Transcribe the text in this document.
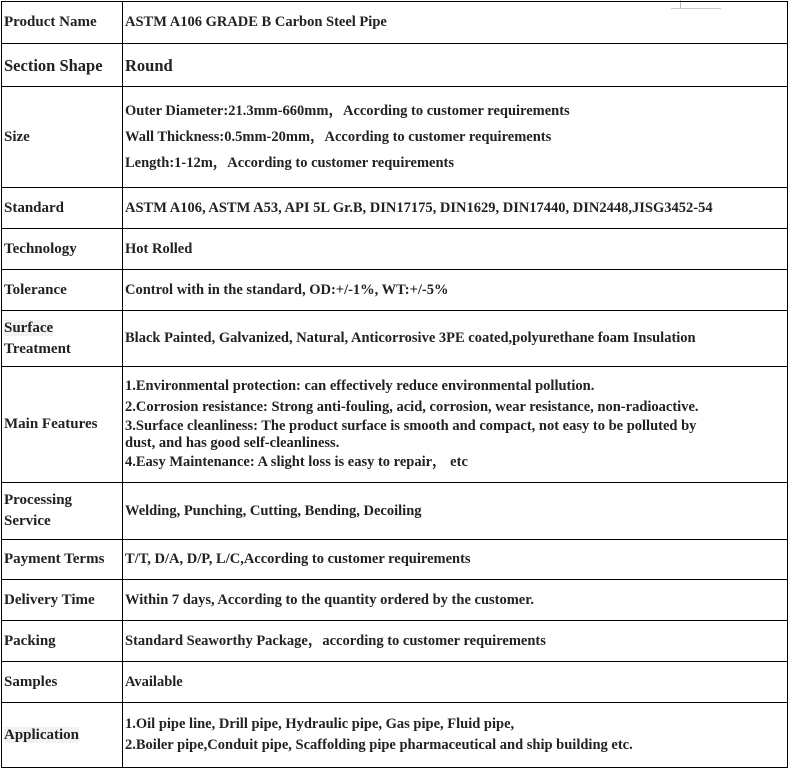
Product Name	ASTM A106 GRADE B Carbon Steel Pipe
Section Shape	Round
Size	Outer Diameter:21.3mm-660mm，According to customer requirements
Wall Thickness:0.5mm-20mm，According to customer requirements
Length:1-12m，According to customer requirements

Standard	ASTM A106, ASTM A53, API 5L Gr.B, DIN17175, DIN1629, DIN17440, DIN2448,JISG3452-54
Technology	Hot Rolled
Tolerance	Control with in the standard, OD:+/-1%, WT:+/-5%

Surface
Treatment	Black Painted, Galvanized, Natural, Anticorrosive 3PE coated,polyurethane foam Insulation
Main Features	1.Environmental protection: can effectively reduce environmental pollution.
2.Corrosion resistance: Strong anti-fouling, acid, corrosion, wear resistance, non-radioactive.
3.Surface cleanliness: The product surface is smooth and compact, not easy to be polluted by
dust, and has good self-cleanliness.
4.Easy Maintenance: A slight loss is easy to repair， etc

Processing
Service	Welding, Punching, Cutting, Bending, Decoiling
Payment Terms	T/T, D/A, D/P, L/C,According to customer requirements
Delivery Time	Within 7 days, According to the quantity ordered by the customer.
Packing	Standard Seaworthy Package，according to customer requirements
Samples	Available
Application	1.Oil pipe line, Drill pipe, Hydraulic pipe, Gas pipe, Fluid pipe,
2.Boiler pipe,Conduit pipe, Scaffolding pipe pharmaceutical and ship building etc.
